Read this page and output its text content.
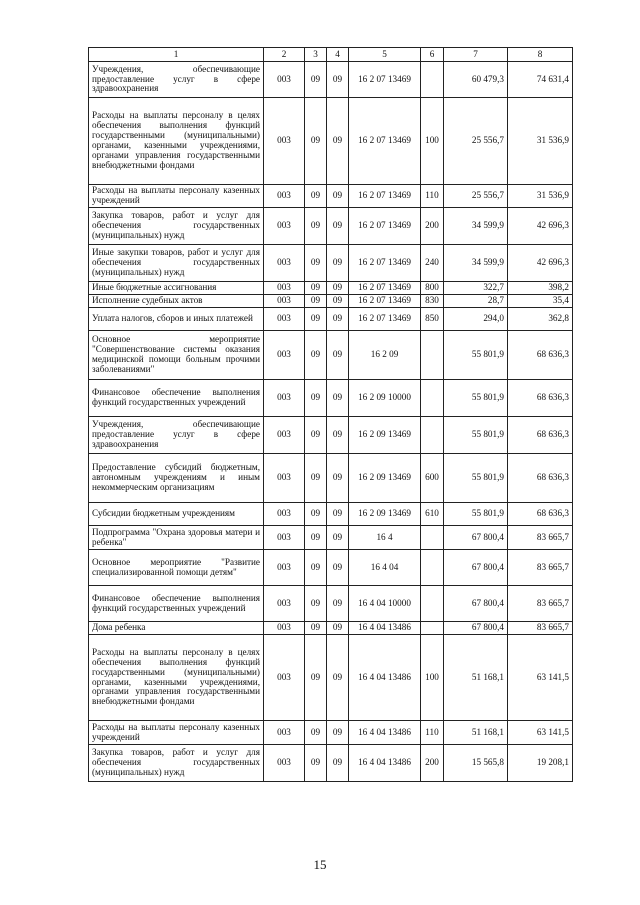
1	2	3	4	5	6	7	8
Учреждения, обеспечивающие предоставление услуг в сфере здравоохранения	003	09	09	16 2 07 13469		60 479,3	74 631,4
Расходы на выплаты персоналу в целях обеспечения выполнения функций государственными (муниципальными) органами, казенными учреждениями, органами управления государственными внебюджетными фондами	003	09	09	16 2 07 13469	100	25 556,7	31 536,9
Расходы на выплаты персоналу казенных учреждений	003	09	09	16 2 07 13469	110	25 556,7	31 536,9
Закупка товаров, работ и услуг для обеспечения государственных (муниципальных) нужд	003	09	09	16 2 07 13469	200	34 599,9	42 696,3
Иные закупки товаров, работ и услуг для обеспечения государственных (муниципальных) нужд	003	09	09	16 2 07 13469	240	34 599,9	42 696,3
Иные бюджетные ассигнования	003	09	09	16 2 07 13469	800	322,7	398,2
Исполнение судебных актов	003	09	09	16 2 07 13469	830	28,7	35,4
Уплата налогов, сборов и иных платежей	003	09	09	16 2 07 13469	850	294,0	362,8
Основное мероприятие "Совершенствование системы оказания медицинской помощи больным прочими заболеваниями"	003	09	09	16 2 09		55 801,9	68 636,3
Финансовое обеспечение выполнения функций государственных учреждений	003	09	09	16 2 09 10000		55 801,9	68 636,3
Учреждения, обеспечивающие предоставление услуг в сфере здравоохранения	003	09	09	16 2 09 13469		55 801,9	68 636,3
Предоставление субсидий бюджетным, автономным учреждениям и иным некоммерческим организациям	003	09	09	16 2 09 13469	600	55 801,9	68 636,3
Субсидии бюджетным учреждениям	003	09	09	16 2 09 13469	610	55 801,9	68 636,3
Подпрограмма "Охрана здоровья матери и ребенка"	003	09	09	16 4		67 800,4	83 665,7
Основное мероприятие "Развитие специализированной помощи детям"	003	09	09	16 4 04		67 800,4	83 665,7
Финансовое обеспечение выполнения функций государственных учреждений	003	09	09	16 4 04 10000		67 800,4	83 665,7
Дома ребенка	003	09	09	16 4 04 13486		67 800,4	83 665,7
Расходы на выплаты персоналу в целях обеспечения выполнения функций государственными (муниципальными) органами, казенными учреждениями, органами управления государственными внебюджетными фондами	003	09	09	16 4 04 13486	100	51 168,1	63 141,5
Расходы на выплаты персоналу казенных учреждений	003	09	09	16 4 04 13486	110	51 168,1	63 141,5
Закупка товаров, работ и услуг для обеспечения государственных (муниципальных) нужд	003	09	09	16 4 04 13486	200	15 565,8	19 208,1
15
